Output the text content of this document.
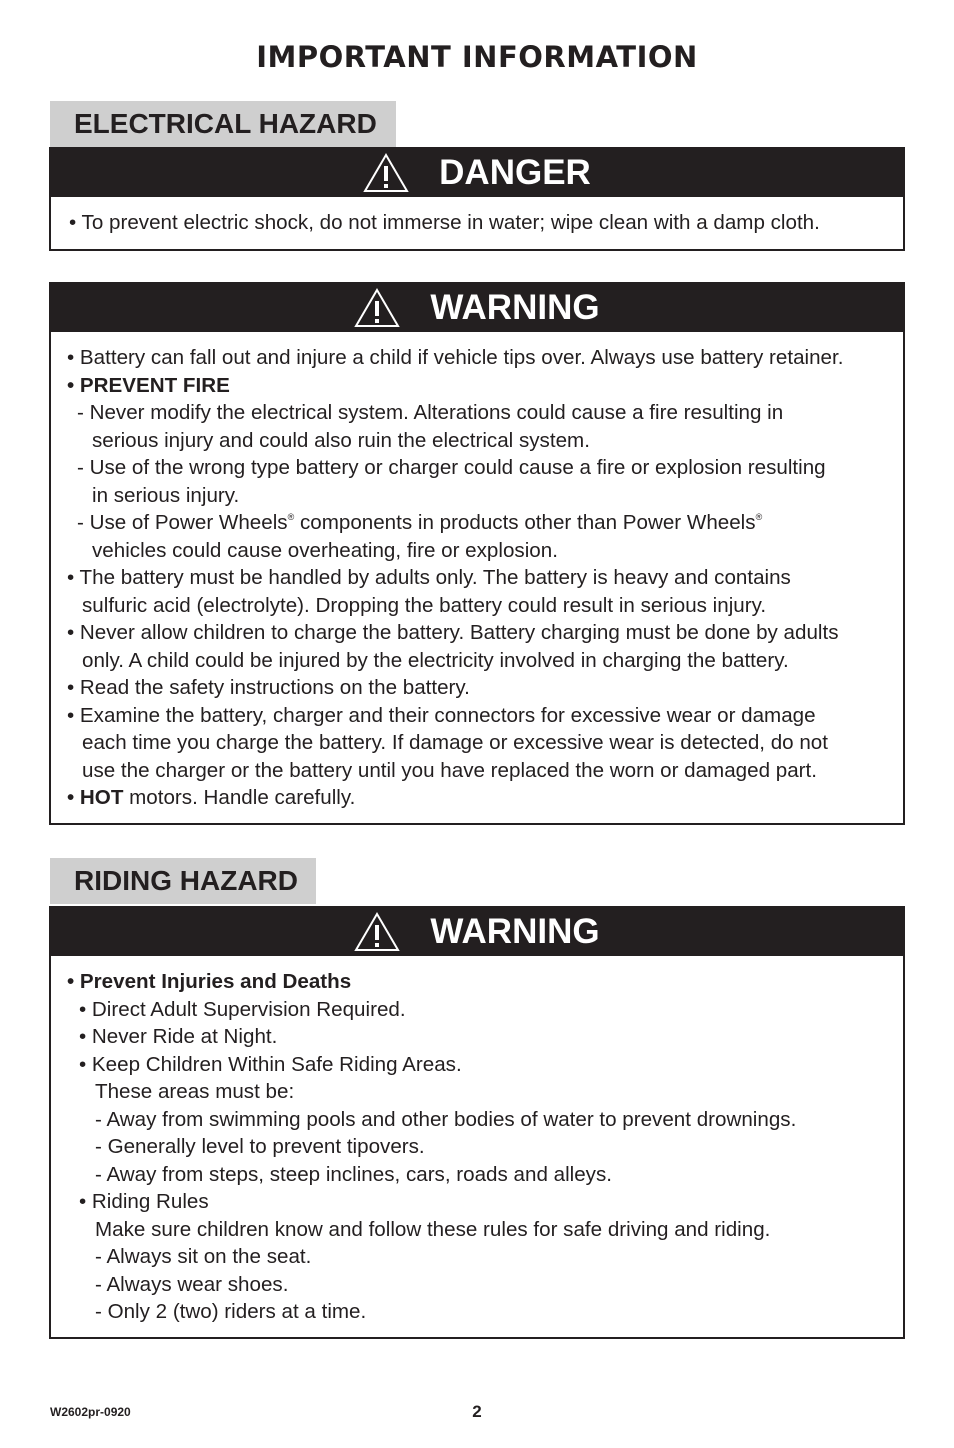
IMPORTANT INFORMATION
ELECTRICAL HAZARD
DANGER
• To prevent electric shock, do not immerse in water; wipe clean with a damp cloth.
WARNING
• Battery can fall out and injure a child if vehicle tips over. Always use battery retainer.
• PREVENT FIRE
- Never modify the electrical system. Alterations could cause a fire resulting in
serious injury and could also ruin the electrical system.
- Use of the wrong type battery or charger could cause a fire or explosion resulting
in serious injury.
- Use of Power Wheels® components in products other than Power Wheels®
vehicles could cause overheating, fire or explosion.
• The battery must be handled by adults only. The battery is heavy and contains
sulfuric acid (electrolyte). Dropping the battery could result in serious injury.
• Never allow children to charge the battery. Battery charging must be done by adults
only. A child could be injured by the electricity involved in charging the battery.
• Read the safety instructions on the battery.
• Examine the battery, charger and their connectors for excessive wear or damage
each time you charge the battery. If damage or excessive wear is detected, do not
use the charger or the battery until you have replaced the worn or damaged part.
• HOT motors. Handle carefully.
RIDING HAZARD
WARNING
• Prevent Injuries and Deaths
• Direct Adult Supervision Required.
• Never Ride at Night.
• Keep Children Within Safe Riding Areas.
These areas must be:
- Away from swimming pools and other bodies of water to prevent drownings.
- Generally level to prevent tipovers.
- Away from steps, steep inclines, cars, roads and alleys.
• Riding Rules
Make sure children know and follow these rules for safe driving and riding.
- Always sit on the seat.
- Always wear shoes.
- Only 2 (two) riders at a time.
W2602pr-0920	2
